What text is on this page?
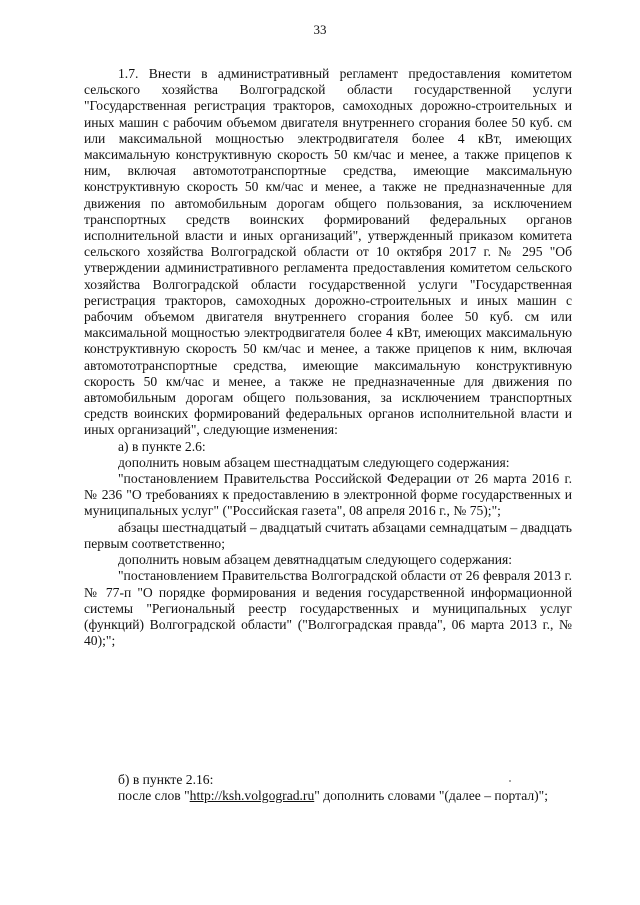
33

1.7. Внести в административный регламент предоставления комитетом сельского хозяйства Волгоградской области государственной услуги "Государственная регистрация тракторов, самоходных дорожно-строительных и иных машин с рабочим объемом двигателя внутреннего сгорания более 50 куб. см или максимальной мощностью электродвигателя более 4 кВт, имеющих максимальную конструктивную скорость 50 км/час и менее, а также прицепов к ним, включая автомототранспортные средства, имеющие максимальную конструктивную скорость 50 км/час и менее, а также не предназначенные для движения по автомобильным дорогам общего пользования, за исключением транспортных средств воинских формирований федеральных органов исполнительной власти и иных организаций", утвержденный приказом комитета сельского хозяйства Волгоградской области от 10 октября 2017 г. № 295 "Об утверждении административного регламента предоставления комитетом сельского хозяйства Волгоградской области государственной услуги "Государственная регистрация тракторов, самоходных дорожно-строительных и иных машин с рабочим объемом двигателя внутреннего сгорания более 50 куб. см или максимальной мощностью электродвигателя более 4 кВт, имеющих максимальную конструктивную скорость 50 км/час и менее, а также прицепов к ним, включая автомототранспортные средства, имеющие максимальную конструктивную скорость 50 км/час и менее, а также не предназначенные для движения по автомобильным дорогам общего пользования, за исключением транспортных средств воинских формирований федеральных органов исполнительной власти и иных организаций", следующие изменения:

а) в пункте 2.6:

дополнить новым абзацем шестнадцатым следующего содержания:

"постановлением Правительства Российской Федерации от 26 марта 2016 г. № 236 "О требованиях к предоставлению в электронной форме государственных и муниципальных услуг" ("Российская газета", 08 апреля 2016 г., № 75);";

абзацы шестнадцатый – двадцатый считать абзацами семнадцатым – двадцать первым соответственно;

дополнить новым абзацем девятнадцатым следующего содержания:

"постановлением Правительства Волгоградской области от 26 февраля 2013 г. № 77-п "О порядке формирования и ведения государственной информационной системы "Региональный реестр государственных и муниципальных услуг (функций) Волгоградской области" ("Волгоградская правда", 06 марта 2013 г., № 40);";

б) в пункте 2.16:

после слов "http://ksh.volgograd.ru" дополнить словами "(далее – портал)";
